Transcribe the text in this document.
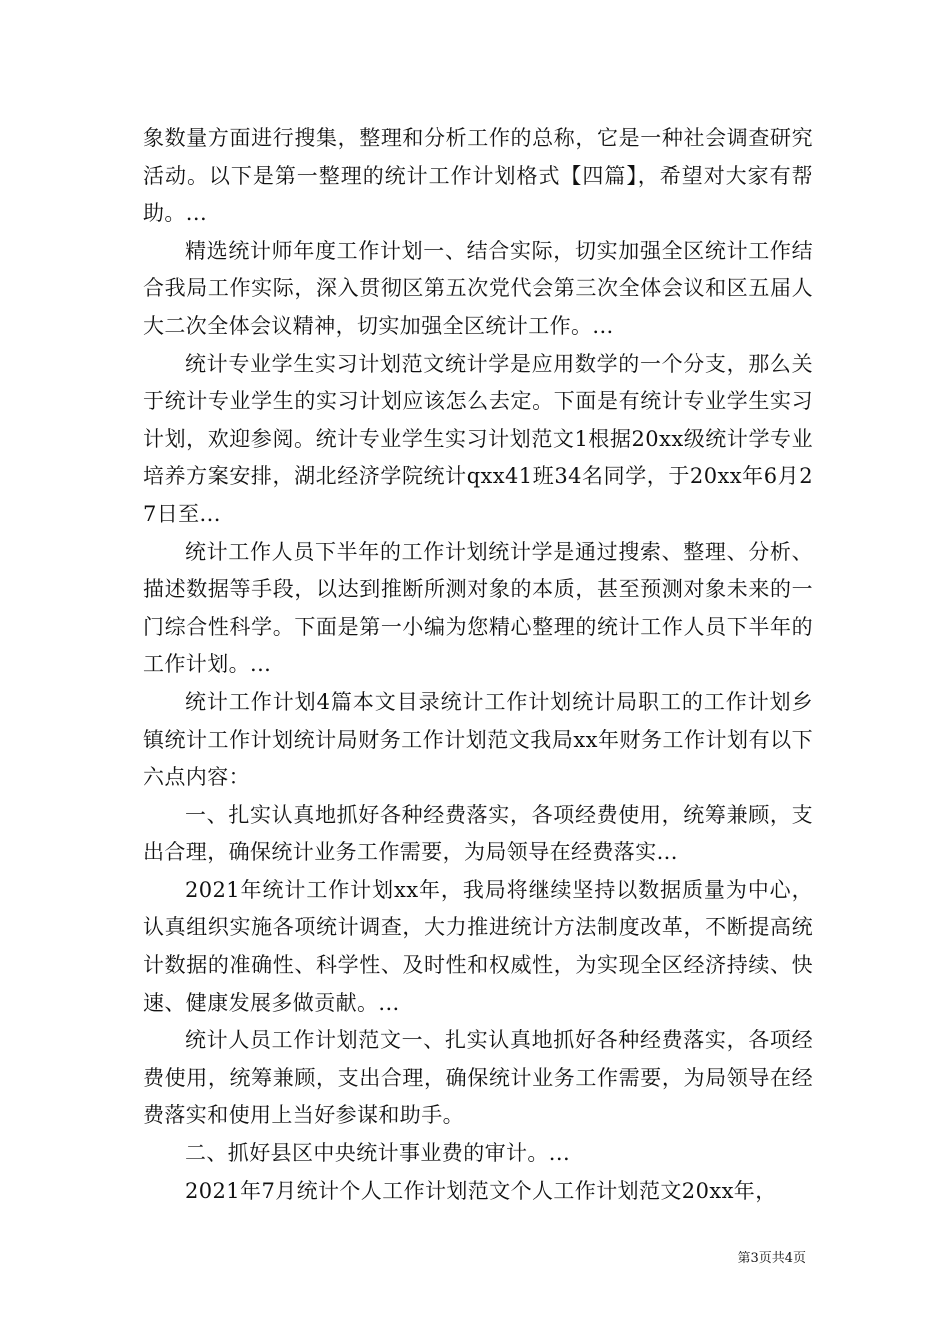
象数量方面进行搜集，整理和分析工作的总称，它是一种社会调查研究活动。以下是第一整理的统计工作计划格式【四篇】，希望对大家有帮助。...

精选统计师年度工作计划一、结合实际，切实加强全区统计工作结合我局工作实际，深入贯彻区第五次党代会第三次全体会议和区五届人大二次全体会议精神，切实加强全区统计工作。...

统计专业学生实习计划范文统计学是应用数学的一个分支，那么关于统计专业学生的实习计划应该怎么去定。下面是有统计专业学生实习计划，欢迎参阅。统计专业学生实习计划范文1根据20xx级统计学专业培养方案安排，湖北经济学院统计qxx41班34名同学，于20xx年6月27日至...

统计工作人员下半年的工作计划统计学是通过搜索、整理、分析、描述数据等手段，以达到推断所测对象的本质，甚至预测对象未来的一门综合性科学。下面是第一小编为您精心整理的统计工作人员下半年的工作计划。...

统计工作计划4篇本文目录统计工作计划统计局职工的工作计划乡镇统计工作计划统计局财务工作计划范文我局xx年财务工作计划有以下六点内容：

一、扎实认真地抓好各种经费落实，各项经费使用，统筹兼顾，支出合理，确保统计业务工作需要，为局领导在经费落实...

2021年统计工作计划xx年，我局将继续坚持以数据质量为中心，认真组织实施各项统计调查，大力推进统计方法制度改革，不断提高统计数据的准确性、科学性、及时性和权威性，为实现全区经济持续、快速、健康发展多做贡献。...

统计人员工作计划范文一、扎实认真地抓好各种经费落实，各项经费使用，统筹兼顾，支出合理，确保统计业务工作需要，为局领导在经费落实和使用上当好参谋和助手。

二、抓好县区中央统计事业费的审计。...

2021年7月统计个人工作计划范文个人工作计划范文20xx年，

第3页共4页
